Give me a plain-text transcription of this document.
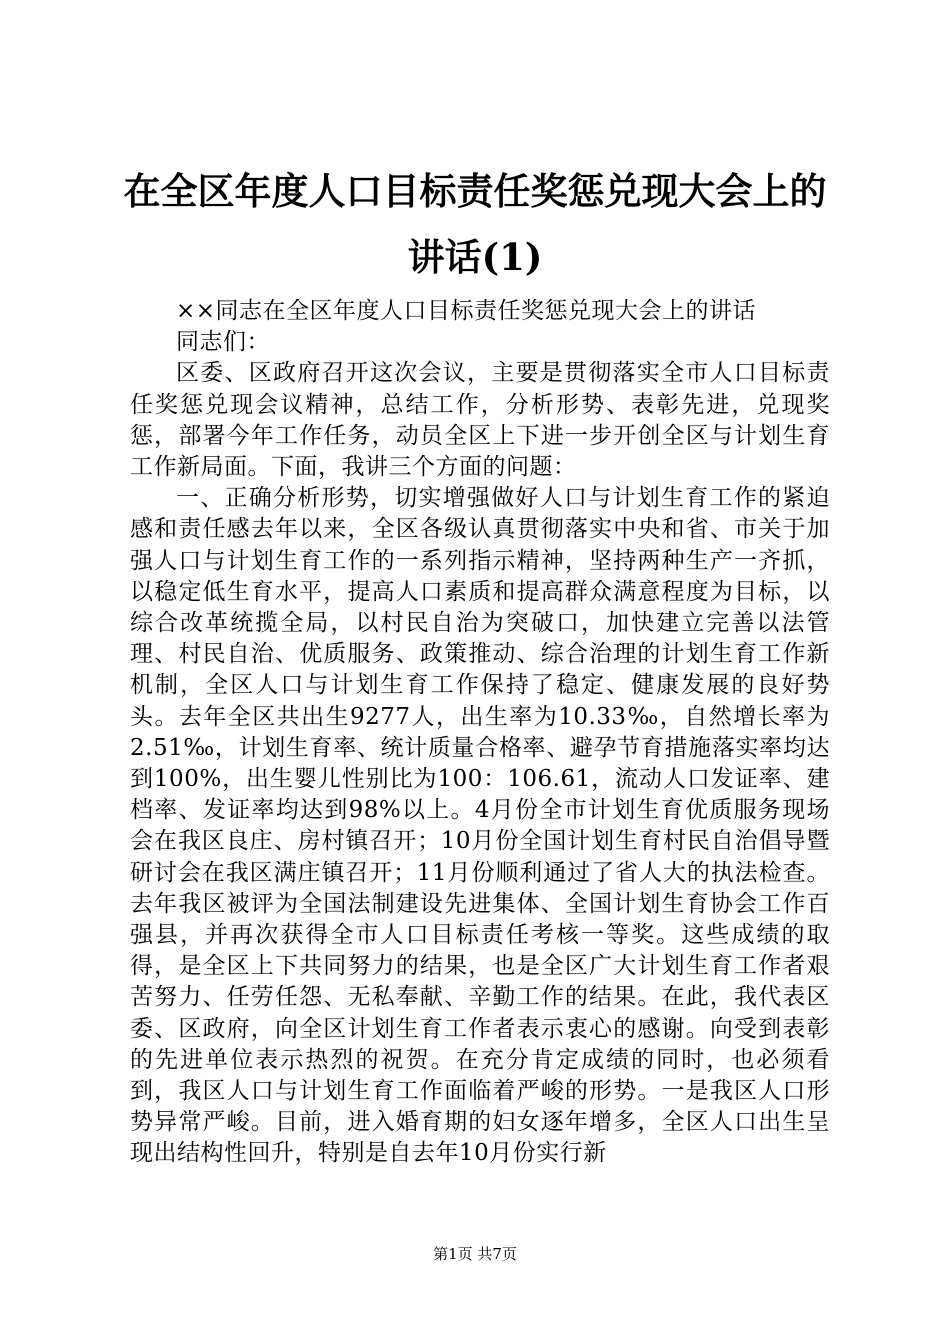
在全区年度人口目标责任奖惩兑现大会上的讲话(1)

××同志在全区年度人口目标责任奖惩兑现大会上的讲话

同志们：

区委、区政府召开这次会议，主要是贯彻落实全市人口目标责任奖惩兑现会议精神，总结工作，分析形势、表彰先进，兑现奖惩，部署今年工作任务，动员全区上下进一步开创全区与计划生育工作新局面。下面，我讲三个方面的问题：

一、正确分析形势，切实增强做好人口与计划生育工作的紧迫感和责任感去年以来，全区各级认真贯彻落实中央和省、市关于加强人口与计划生育工作的一系列指示精神，坚持两种生产一齐抓，以稳定低生育水平，提高人口素质和提高群众满意程度为目标，以综合改革统揽全局，以村民自治为突破口，加快建立完善以法管理、村民自治、优质服务、政策推动、综合治理的计划生育工作新机制，全区人口与计划生育工作保持了稳定、健康发展的良好势头。去年全区共出生9277人，出生率为10.33‰，自然增长率为2.51‰，计划生育率、统计质量合格率、避孕节育措施落实率均达到100%，出生婴儿性别比为100：106.61，流动人口发证率、建档率、发证率均达到98%以上。4月份全市计划生育优质服务现场会在我区良庄、房村镇召开；10月份全国计划生育村民自治倡导暨研讨会在我区满庄镇召开；11月份顺利通过了省人大的执法检查。去年我区被评为全国法制建设先进集体、全国计划生育协会工作百强县，并再次获得全市人口目标责任考核一等奖。这些成绩的取得，是全区上下共同努力的结果，也是全区广大计划生育工作者艰苦努力、任劳任怨、无私奉献、辛勤工作的结果。在此，我代表区委、区政府，向全区计划生育工作者表示衷心的感谢。向受到表彰的先进单位表示热烈的祝贺。在充分肯定成绩的同时，也必须看到，我区人口与计划生育工作面临着严峻的形势。一是我区人口形势异常严峻。目前，进入婚育期的妇女逐年增多，全区人口出生呈现出结构性回升，特别是自去年10月份实行新

第1页 共7页
